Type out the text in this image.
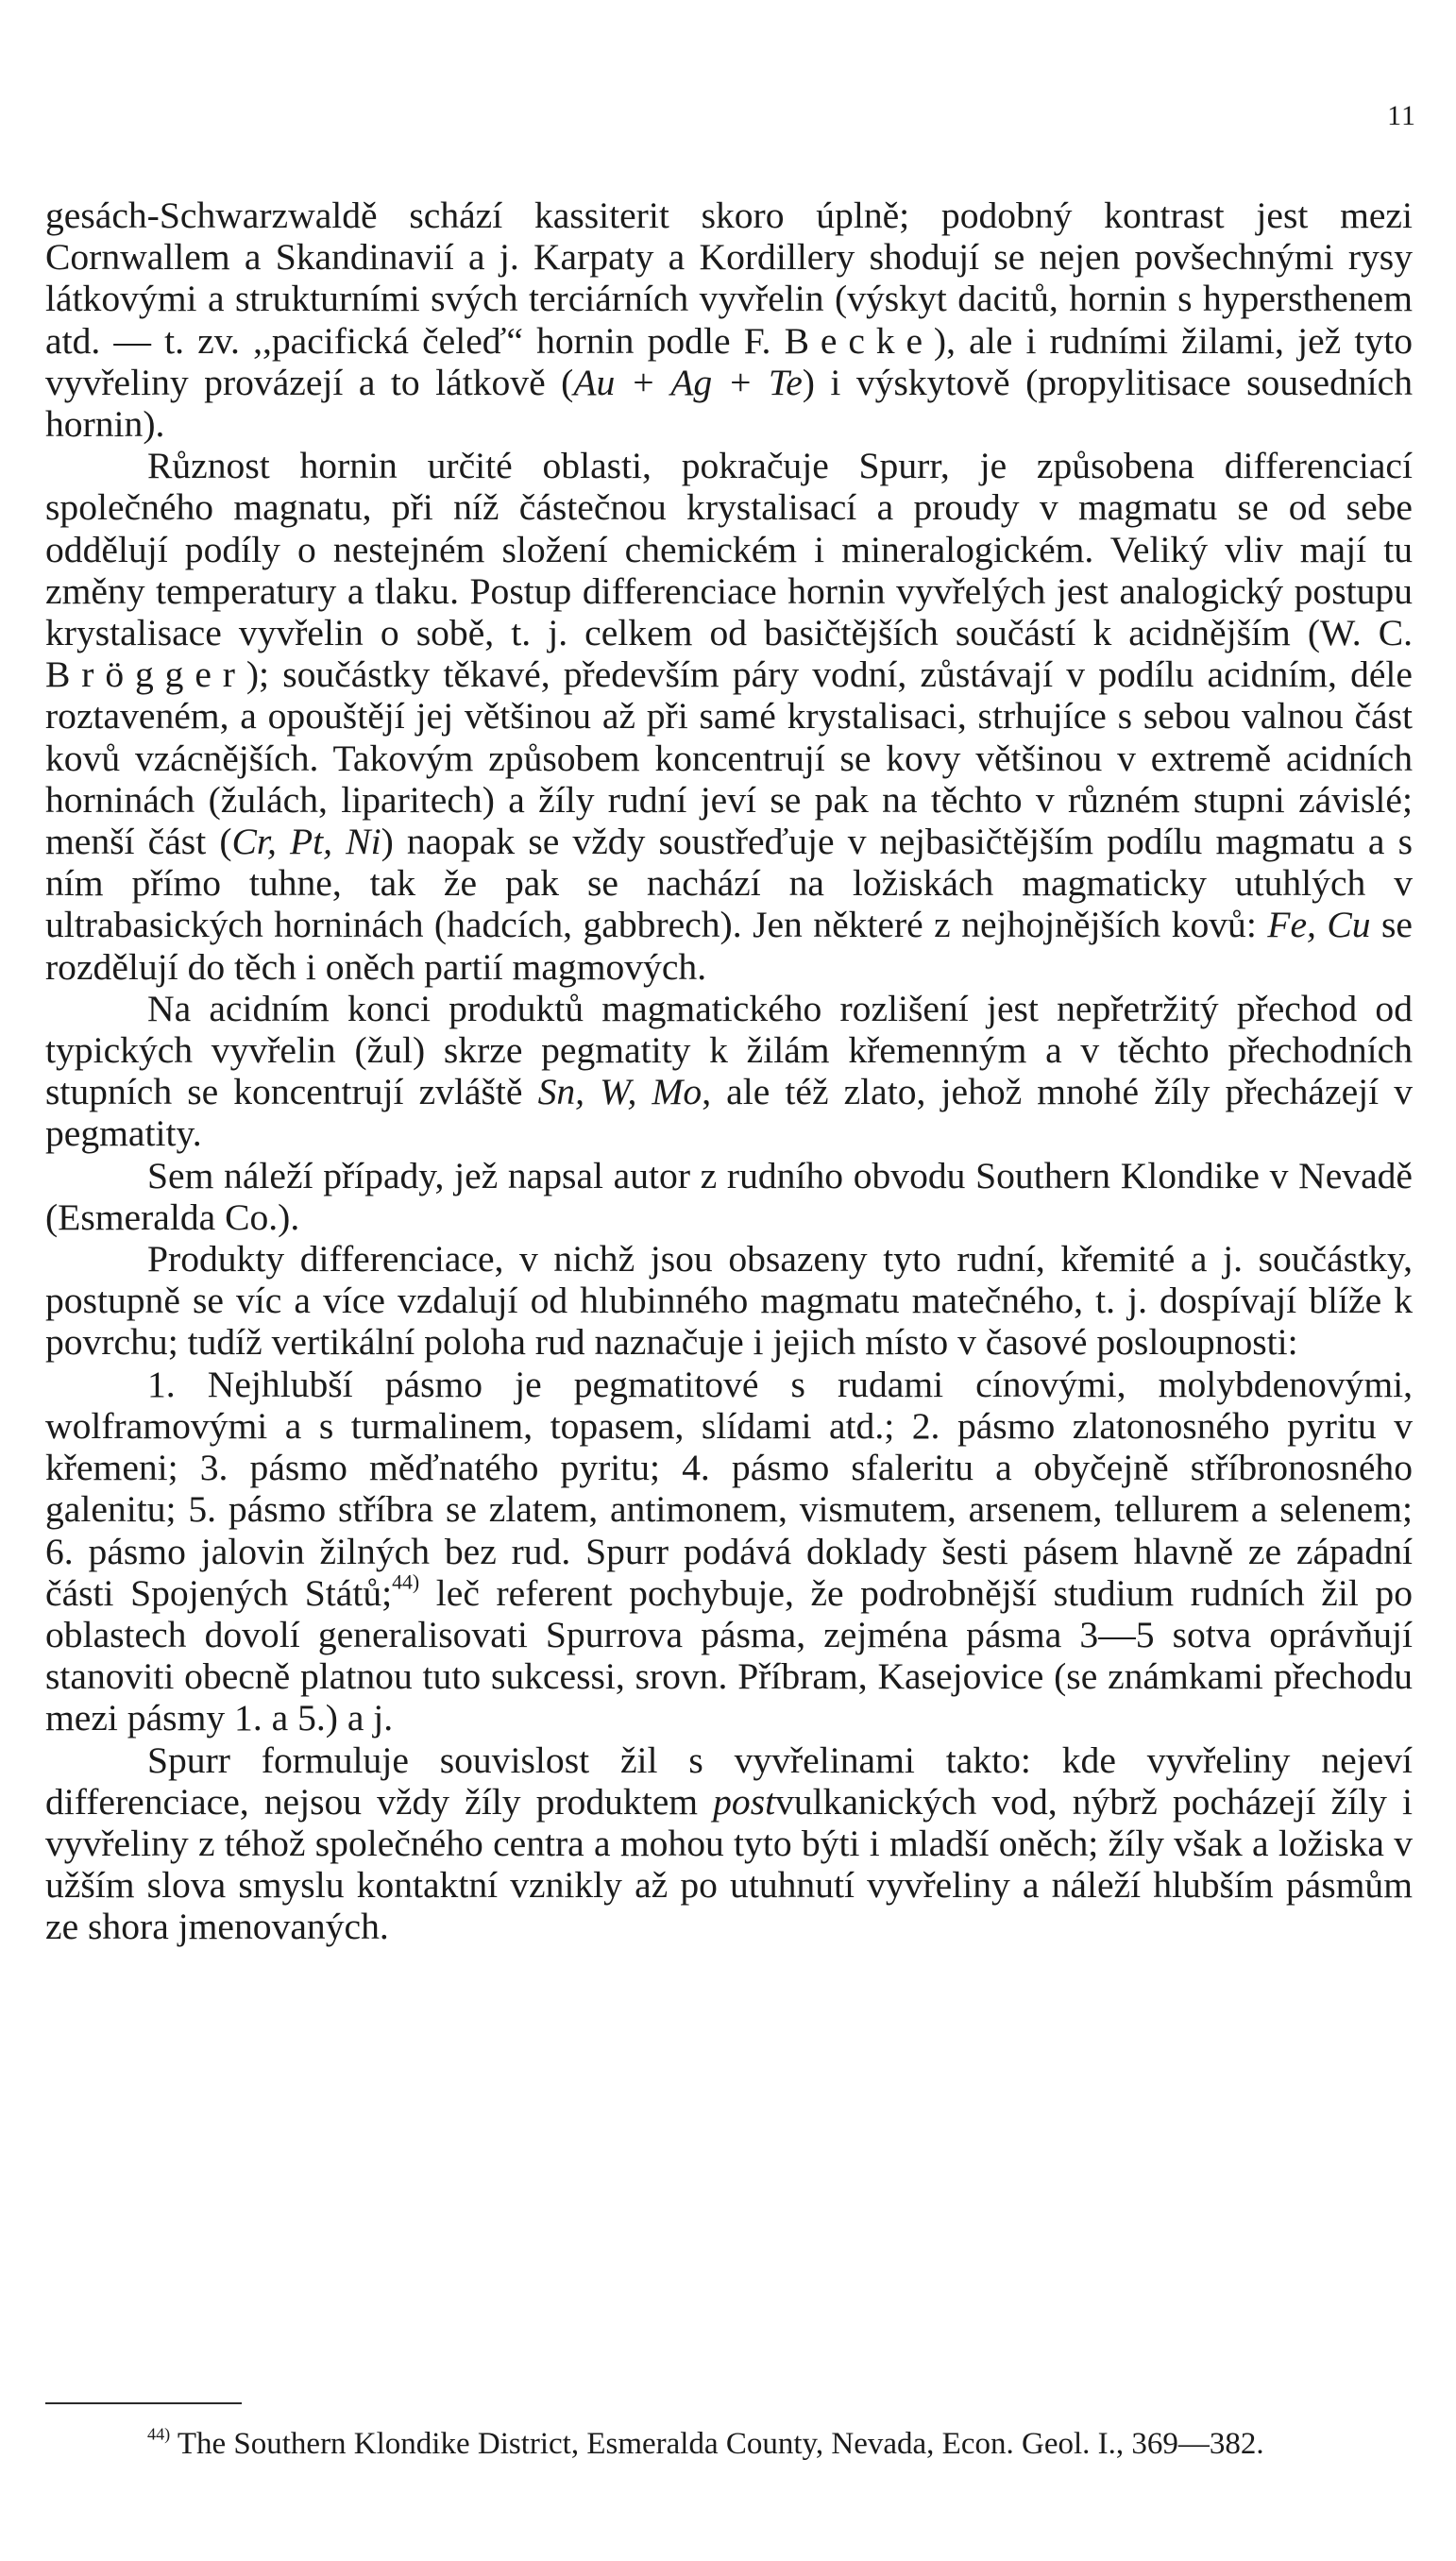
11

gesách-Schwarzwaldě schází kassiterit skoro úplně; podobný kontrast jest mezi Cornwallem a Skandinavií a j. Karpaty a Kordillery shodují se nejen povšechnými rysy látkovými a strukturními svých terciárních vyvřelin (výskyt dacitů, hornin s hypersthenem atd. — t. zv. ,,pacifická čeleď“ hornin podle F. Becke), ale i rudními žilami, jež tyto vyvřeliny provázejí a to látkově (Au + Ag + Te) i výskytově (propylitisace sousedních hornin).

Různost hornin určité oblasti, pokračuje Spurr, je způsobena differenciací společného magnatu, při níž částečnou krystalisací a proudy v magmatu se od sebe oddělují podíly o nestejném složení chemickém i mineralogickém. Veliký vliv mají tu změny temperatury a tlaku. Postup differenciace hornin vyvřelých jest analogický postupu krystalisace vyvřelin o sobě, t. j. celkem od basičtějších součástí k acidnějším (W. C. Brögger); součástky těkavé, především páry vodní, zůstávají v podílu acidním, déle roztaveném, a opouštějí jej většinou až při samé krystalisaci, strhujíce s sebou valnou část kovů vzácnějších. Takovým způsobem koncentrují se kovy většinou v extremě acidních horninách (žulách, liparitech) a žíly rudní jeví se pak na těchto v různém stupni závislé; menší část (Cr, Pt, Ni) naopak se vždy soustřeďuje v nejbasičtějším podílu magmatu a s ním přímo tuhne, tak že pak se nachází na ložiskách magmaticky utuhlých v ultrabasických horninách (hadcích, gabbrech). Jen některé z nejhojnějších kovů: Fe, Cu se rozdělují do těch i oněch partií magmových.

Na acidním konci produktů magmatického rozlišení jest nepřetržitý přechod od typických vyvřelin (žul) skrze pegmatity k žilám křemenným a v těchto přechodních stupních se koncentrují zvláště Sn, W, Mo, ale též zlato, jehož mnohé žíly přecházejí v pegmatity.

Sem náleží případy, jež napsal autor z rudního obvodu Southern Klondike v Nevadě (Esmeralda Co.).

Produkty differenciace, v nichž jsou obsazeny tyto rudní, křemité a j. součástky, postupně se víc a více vzdalují od hlubinného magmatu matečného, t. j. dospívají blíže k povrchu; tudíž vertikální poloha rud naznačuje i jejich místo v časové posloupnosti:

1. Nejhlubší pásmo je pegmatitové s rudami cínovými, molybdenovými, wolframovými a s turmalinem, topasem, slídami atd.; 2. pásmo zlatonosného pyritu v křemeni; 3. pásmo měďnatého pyritu; 4. pásmo sfaleritu a obyčejně stříbronosného galenitu; 5. pásmo stříbra se zlatem, antimonem, vismutem, arsenem, tellurem a selenem; 6. pásmo jalovin žilných bez rud. Spurr podává doklady šesti pásem hlavně ze západní části Spojených Států;$^{44)}$ leč referent pochybuje, že podrobnější studium rudních žil po oblastech dovolí generalisovati Spurrova pásma, zejména pásma 3—5 sotva oprávňují stanoviti obecně platnou tuto sukcessi, srovn. Příbram, Kasejovice (se známkami přechodu mezi pásmy 1. a 5.) a j.

Spurr formuluje souvislost žil s vyvřelinami takto: kde vyvřeliny nejeví differenciace, nejsou vždy žíly produktem postvulkanických vod, nýbrž pocházejí žíly i vyvřeliny z téhož společného centra a mohou tyto býti i mladší oněch; žíly však a ložiska v užším slova smyslu kontaktní vznikly až po utuhnutí vyvřeliny a náleží hlubším pásmům ze shora jmenovaných.

$^{44)}$ The Southern Klondike District, Esmeralda County, Nevada, Econ. Geol. I., 369—382.
